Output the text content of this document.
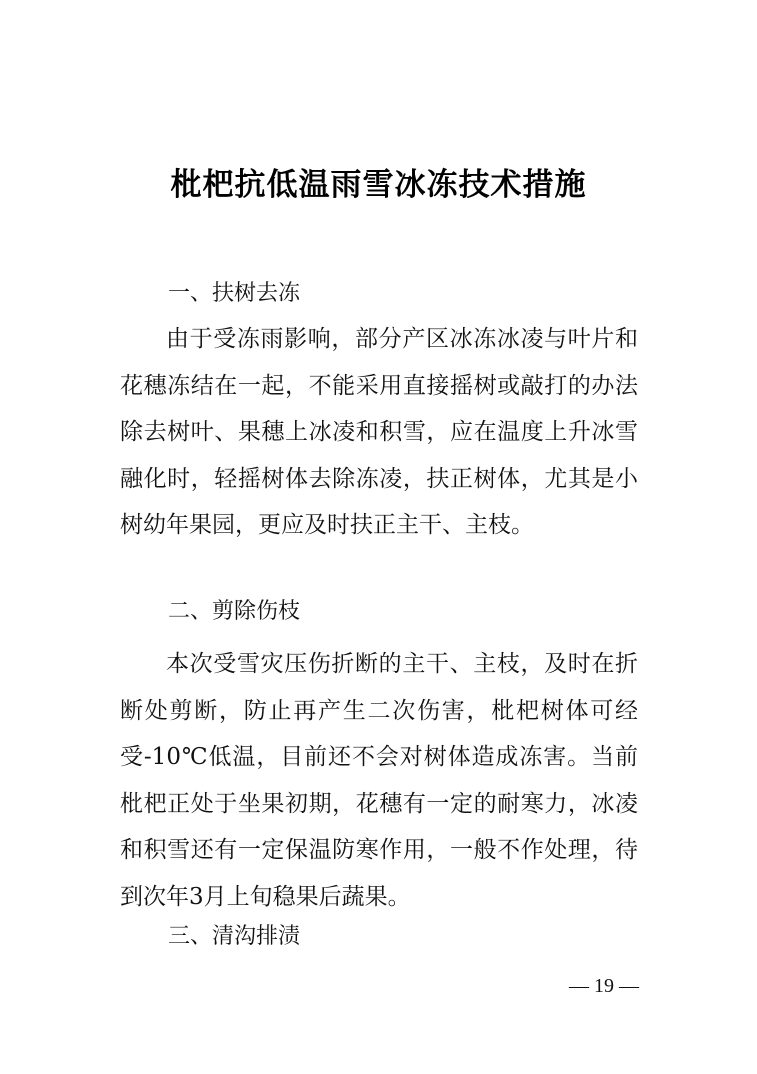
枇杷抗低温雨雪冰冻技术措施
一、扶树去冻

由于受冻雨影响，部分产区冰冻冰凌与叶片和花穗冻结在一起，不能采用直接摇树或敲打的办法除去树叶、果穗上冰凌和积雪，应在温度上升冰雪融化时，轻摇树体去除冻凌，扶正树体，尤其是小树幼年果园，更应及时扶正主干、主枝。

二、剪除伤枝

本次受雪灾压伤折断的主干、主枝，及时在折断处剪断，防止再产生二次伤害，枇杷树体可经受-10℃低温，目前还不会对树体造成冻害。当前枇杷正处于坐果初期，花穗有一定的耐寒力，冰凌和积雪还有一定保温防寒作用，一般不作处理，待到次年3月上旬稳果后蔬果。

三、清沟排渍
— 19 —
